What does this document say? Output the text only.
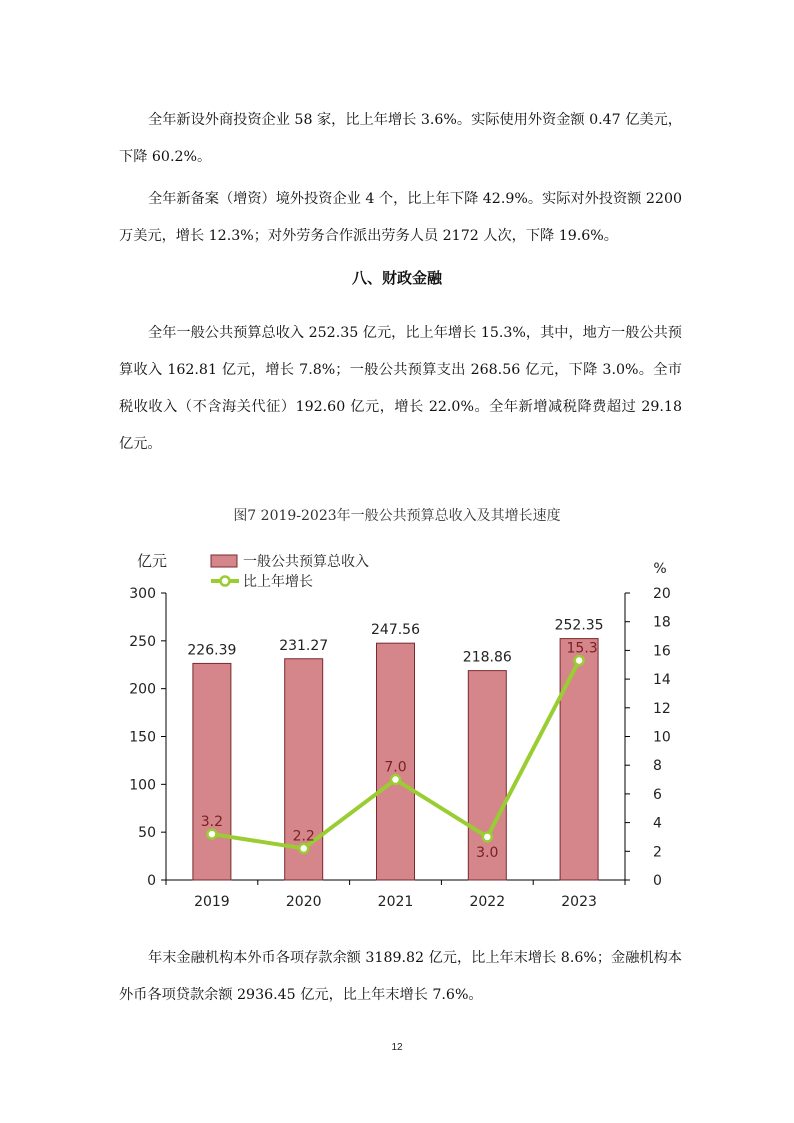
全年新设外商投资企业 58 家，比上年增长 3.6%。实际使用外资金额 0.47 亿美元，下降 60.2%。

全年新备案（增资）境外投资企业 4 个，比上年下降 42.9%。实际对外投资额 2200 万美元，增长 12.3%；对外劳务合作派出劳务人员 2172 人次，下降 19.6%。

八、财政金融

全年一般公共预算总收入 252.35 亿元，比上年增长 15.3%，其中，地方一般公共预算收入 162.81 亿元，增长 7.8%；一般公共预算支出 268.56 亿元，下降 3.0%。全市税收收入（不含海关代征）192.60 亿元，增长 22.0%。全年新增减税降费超过 29.18 亿元。

图7 2019-2023年一般公共预算总收入及其增长速度

0
50
100
150
200
250
300
0
2
4
6
8
10
12
14
16
18
20
亿元	%
2019	2020	2021	2022	2023
226.39	231.27
247.56
218.86
252.35
3.2
2.2
7.0
3.0
15.3
一般公共预算总收入
比上年增长

年末金融机构本外币各项存款余额 3189.82 亿元，比上年末增长 8.6%；金融机构本外币各项贷款余额 2936.45 亿元，比上年末增长 7.6%。

12
